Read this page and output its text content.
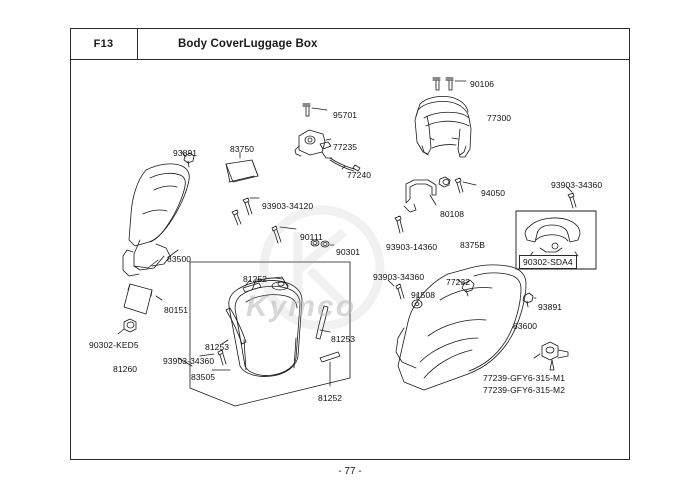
Kymco
F13	Body CoverLuggage Box
90106
77300
95701
77235
77240
93891	83750
94050
93903-34360
80108
93903-34120
90111
90301	93903-14360	8375B
90302-SDA4
83500
81252	93903-34360	77232
91508
93891
80151
83600
81253
81253
90302-KED5
93903-34360
81260
83505
81252
77239-GFY6-315-M1
77239-GFY6-315-M2
- 77 -
